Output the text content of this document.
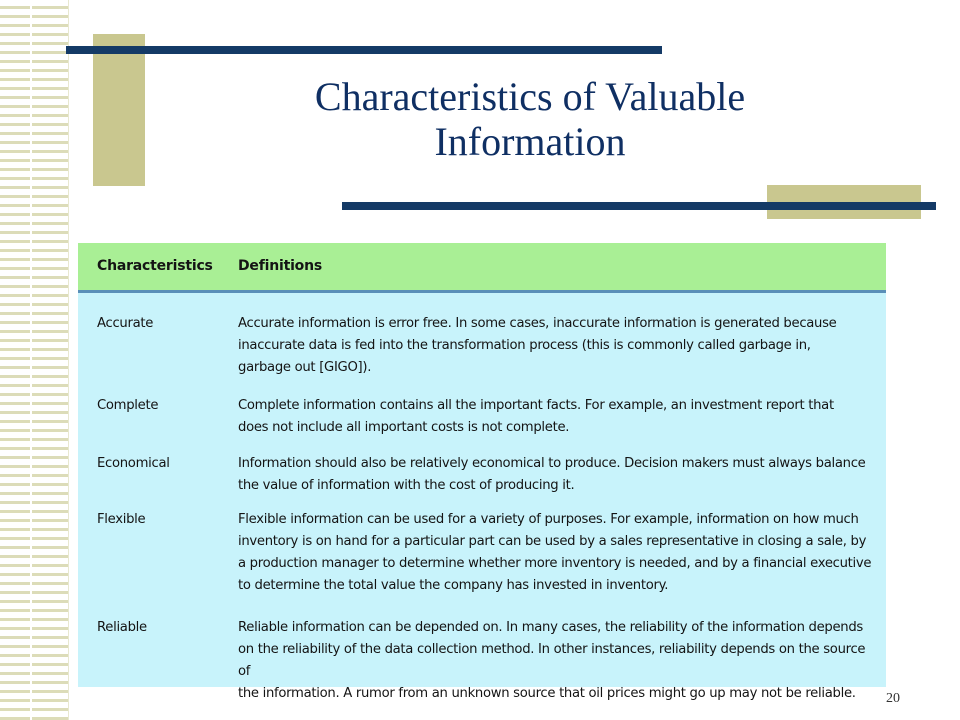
Characteristics of Valuable
Information
Characteristics Definitions
Accurate	Accurate information is error free. In some cases, inaccurate information is generated because
inaccurate data is fed into the transformation process (this is commonly called garbage in,
garbage out [GIGO]).
Complete	Complete information contains all the important facts. For example, an investment report that
does not include all important costs is not complete.
Economical	Information should also be relatively economical to produce. Decision makers must always balance
the value of information with the cost of producing it.
Flexible	Flexible information can be used for a variety of purposes. For example, information on how much
inventory is on hand for a particular part can be used by a sales representative in closing a sale, by
a production manager to determine whether more inventory is needed, and by a financial executive
to determine the total value the company has invested in inventory.
Reliable	Reliable information can be depended on. In many cases, the reliability of the information depends
on the reliability of the data collection method. In other instances, reliability depends on the source of
the information. A rumor from an unknown source that oil prices might go up may not be reliable.	20
